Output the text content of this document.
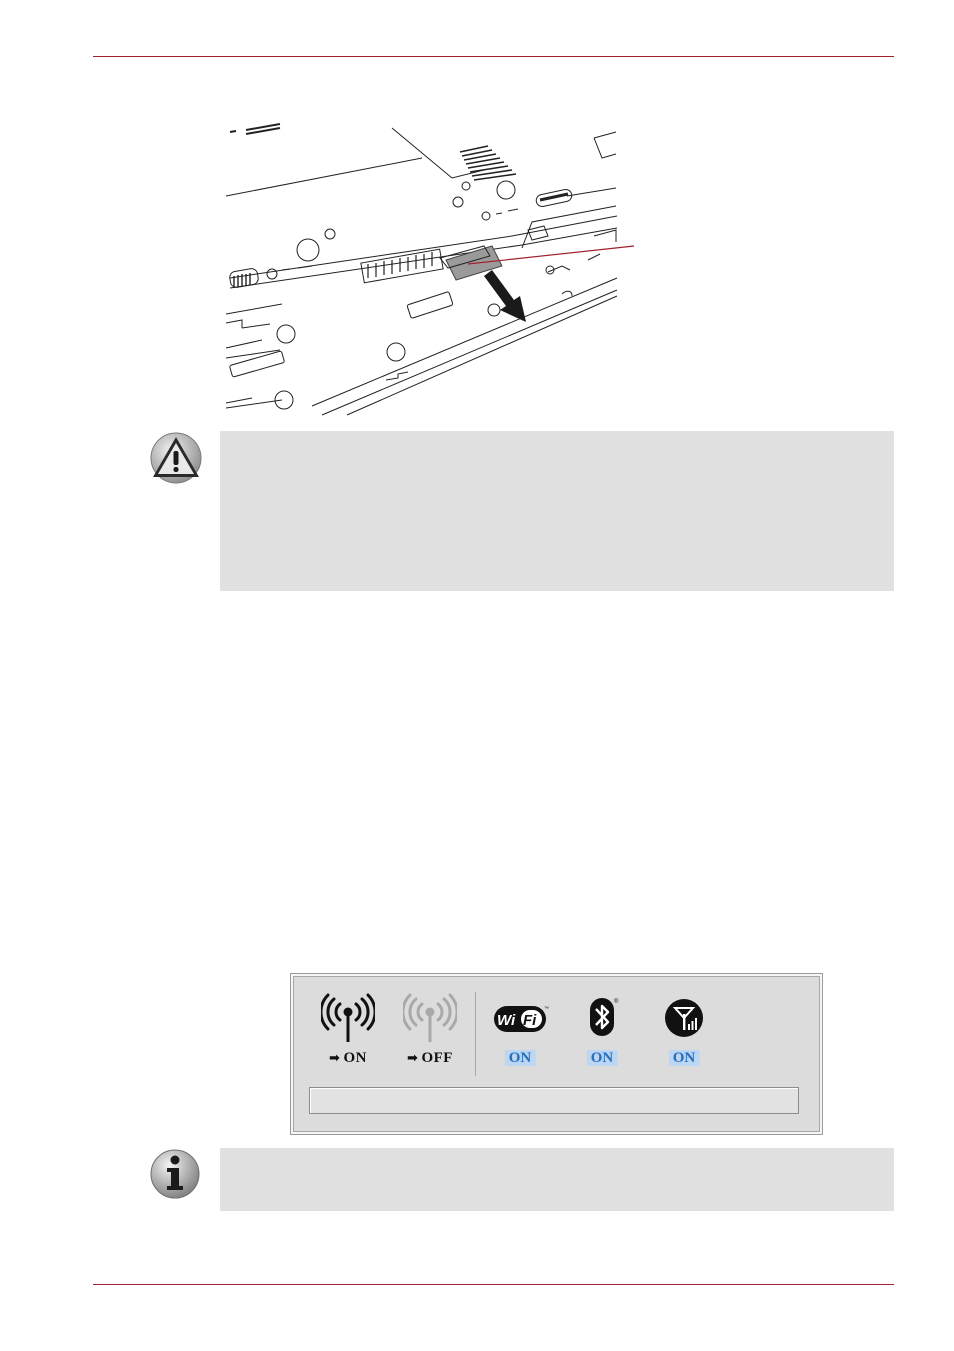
➡ ON	➡ OFF
Wi Fi
™
ON
®
ON	ON
